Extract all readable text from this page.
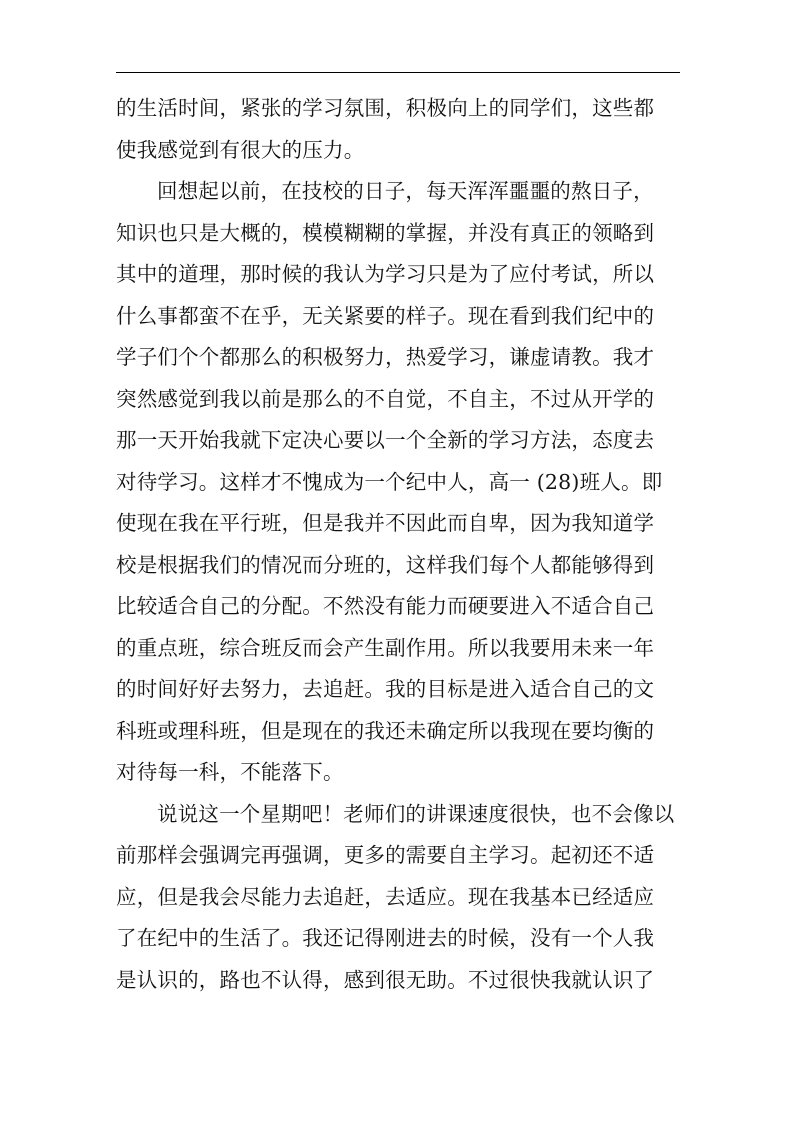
的生活时间，紧张的学习氛围，积极向上的同学们，这些都
使我感觉到有很大的压力。
回想起以前，在技校的日子，每天浑浑噩噩的熬日子，
知识也只是大概的，模模糊糊的掌握，并没有真正的领略到
其中的道理，那时候的我认为学习只是为了应付考试，所以
什么事都蛮不在乎，无关紧要的样子。现在看到我们纪中的
学子们个个都那么的积极努力，热爱学习，谦虚请教。我才
突然感觉到我以前是那么的不自觉，不自主，不过从开学的
那一天开始我就下定决心要以一个全新的学习方法，态度去
对待学习。这样才不愧成为一个纪中人，高一 (28)班人。即
使现在我在平行班，但是我并不因此而自卑，因为我知道学
校是根据我们的情况而分班的，这样我们每个人都能够得到
比较适合自己的分配。不然没有能力而硬要进入不适合自己
的重点班，综合班反而会产生副作用。所以我要用未来一年
的时间好好去努力，去追赶。我的目标是进入适合自己的文
科班或理科班，但是现在的我还未确定所以我现在要均衡的
对待每一科，不能落下。
说说这一个星期吧！老师们的讲课速度很快，也不会像以
前那样会强调完再强调，更多的需要自主学习。起初还不适
应，但是我会尽能力去追赶，去适应。现在我基本已经适应
了在纪中的生活了。我还记得刚进去的时候，没有一个人我
是认识的，路也不认得，感到很无助。不过很快我就认识了
